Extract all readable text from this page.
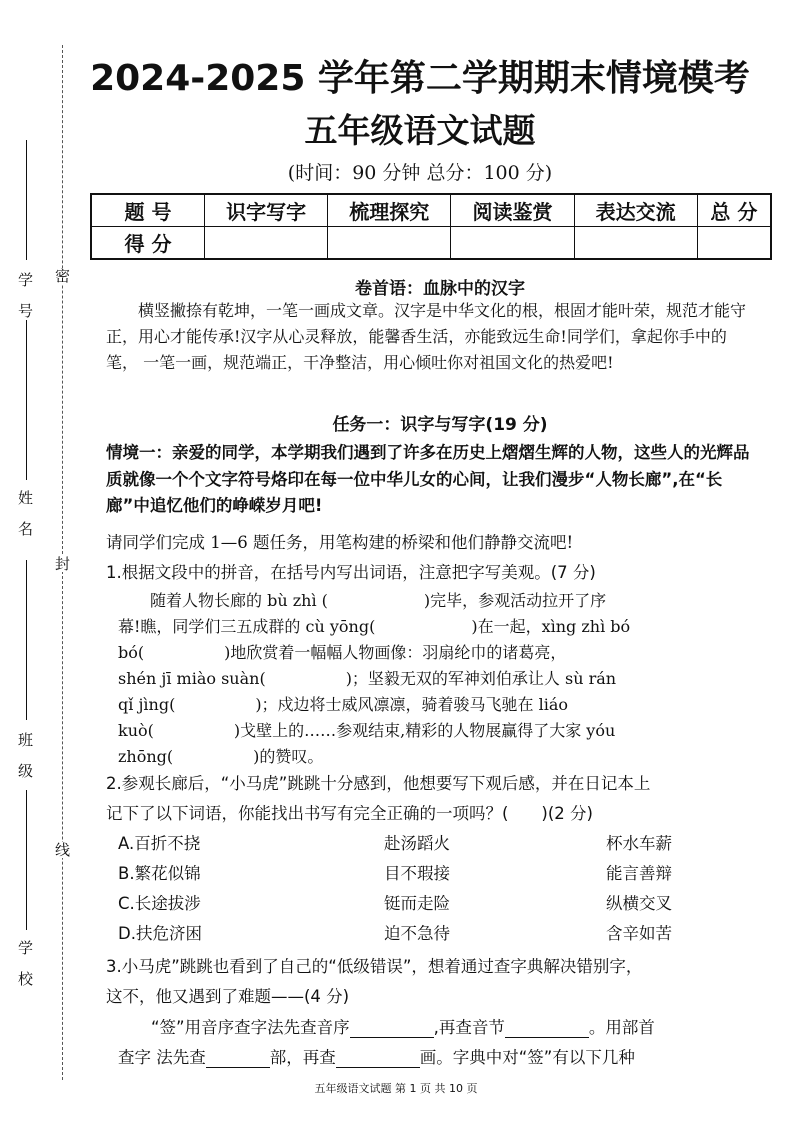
密
封
线
学
号
姓
名
班
级
学
校
2024-2025 学年第二学期期末情境模考
五年级语文试题
(时间：90 分钟 总分：100 分)
题 号	识字写字	梳理探究	阅读鉴赏	表达交流	总 分
得 分					
卷首语：血脉中的汉字
横竖撇捺有乾坤，一笔一画成文章。汉字是中华文化的根，根固才能叶荣，规范才能守正，用心才能传承!汉字从心灵释放，能馨香生活，亦能致远生命!同学们，拿起你手中的笔， 一笔一画，规范端正，干净整洁，用心倾吐你对祖国文化的热爱吧!
任务一：识字与写字(19 分)
情境一：亲爱的同学，本学期我们遇到了许多在历史上熠熠生辉的人物，这些人的光辉品质就像一个个文字符号烙印在每一位中华儿女的心间，让我们漫步“人物长廊”,在“长廊”中追忆他们的峥嵘岁月吧!
请同学们完成 1—6 题任务，用笔构建的桥梁和他们静静交流吧!
1.根据文段中的拼音，在括号内写出词语，注意把字写美观。(7 分)
　　随着人物长廊的 bù zhì (　　　　　　)完毕，参观活动拉开了序
幕!瞧，同学们三五成群的 cù yōng(　　　　　　)在一起，xìng zhì bó
bó(　　　　　)地欣赏着一幅幅人物画像：羽扇纶巾的诸葛亮，
shén jī miào suàn(　　　　　)；坚毅无双的军神刘伯承让人 sù rán
qǐ jìng(　　　　　)；戍边将士威风凛凛，骑着骏马飞驰在 liáo
kuò(　　　　　)戈壁上的……参观结束,精彩的人物展赢得了大家 yóu
zhōng(　　　　　)的赞叹。
2.参观长廊后，“小马虎”跳跳十分感到，他想要写下观后感，并在日记本上
记下了以下词语，你能找出书写有完全正确的一项吗？(　　)(2 分)
A.百折不挠	赴汤蹈火	杯水车薪
B.繁花似锦	目不瑕接	能言善辩
C.长途拔涉	铤而走险	纵横交叉
D.扶危济困	迫不急待	含辛如苦
3.小马虎”跳跳也看到了自己的“低级错误”，想着通过查字典解决错别字，
这不，他又遇到了难题——(4 分)
　　“签”用音序查字法先查音序	,再查音节	。用部首
查字 法先查	部，再查	画。字典中对“签”有以下几种
五年级语文试题 第 1 页 共 10 页
